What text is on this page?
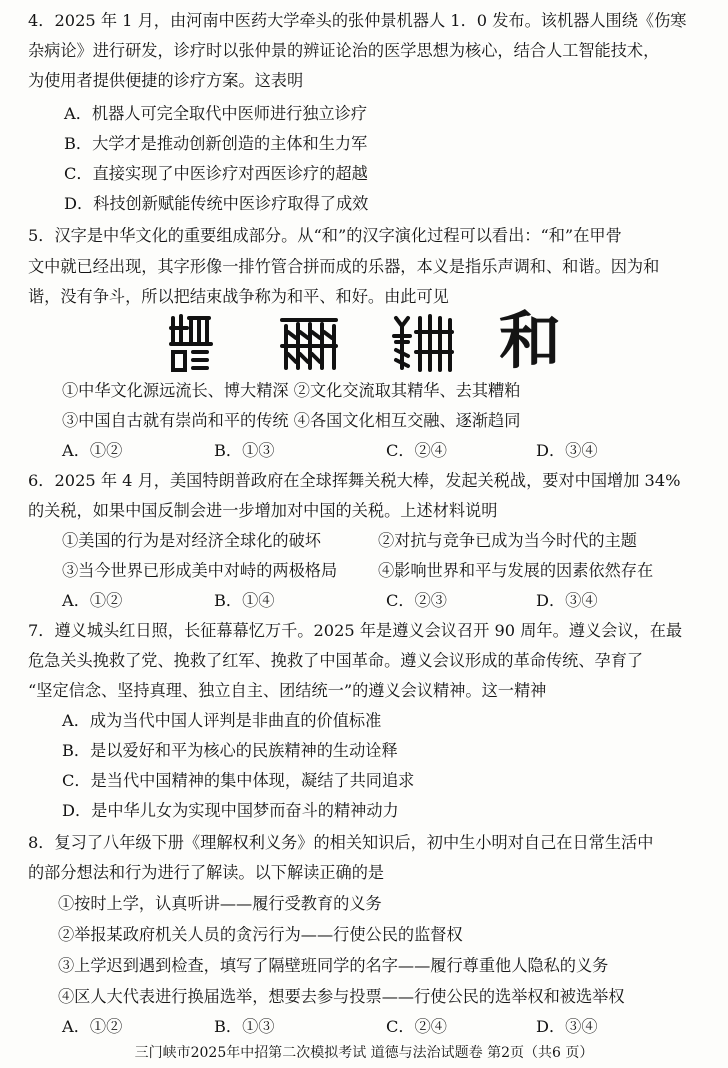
4．2025 年 1 月，由河南中医药大学牵头的张仲景机器人 1．0 发布。该机器人围绕《伤寒
杂病论》进行研发，诊疗时以张仲景的辨证论治的医学思想为核心，结合人工智能技术，
为使用者提供便捷的诊疗方案。这表明
A．机器人可完全取代中医师进行独立诊疗
B．大学才是推动创新创造的主体和生力军
C．直接实现了中医诊疗对西医诊疗的超越
D．科技创新赋能传统中医诊疗取得了成效
5．汉字是中华文化的重要组成部分。从“和”的汉字演化过程可以看出：“和”在甲骨
文中就已经出现，其字形像一排竹管合拼而成的乐器，本义是指乐声调和、和谐。因为和
谐，没有争斗，所以把结束战争称为和平、和好。由此可见
和
①中华文化源远流长、博大精深 ②文化交流取其精华、去其糟粕
③中国自古就有崇尚和平的传统 ④各国文化相互交融、逐渐趋同
A．①②	B．①③	C．②④	D．③④
6．2025 年 4 月，美国特朗普政府在全球挥舞关税大棒，发起关税战，要对中国增加 34%
的关税，如果中国反制会进一步增加对中国的关税。上述材料说明
①美国的行为是对经济全球化的破坏	②对抗与竞争已成为当今时代的主题
③当今世界已形成美中对峙的两极格局	④影响世界和平与发展的因素依然存在
A．①②	B．①④	C．②③	D．③④
7．遵义城头红日照，长征幕幕忆万千。2025 年是遵义会议召开 90 周年。遵义会议，在最
危急关头挽救了党、挽救了红军、挽救了中国革命。遵义会议形成的革命传统、孕育了
“坚定信念、坚持真理、独立自主、团结统一”的遵义会议精神。这一精神
A．成为当代中国人评判是非曲直的价值标准
B．是以爱好和平为核心的民族精神的生动诠释
C．是当代中国精神的集中体现，凝结了共同追求
D．是中华儿女为实现中国梦而奋斗的精神动力
8．复习了八年级下册《理解权利义务》的相关知识后，初中生小明对自己在日常生活中
的部分想法和行为进行了解读。以下解读正确的是
①按时上学，认真听讲——履行受教育的义务
②举报某政府机关人员的贪污行为——行使公民的监督权
③上学迟到遇到检查，填写了隔壁班同学的名字——履行尊重他人隐私的义务
④区人大代表进行换届选举，想要去参与投票——行使公民的选举权和被选举权
A．①②	B．①③	C．②④	D．③④
三门峡市2025年中招第二次模拟考试 道德与法治试题卷 第2页（共6 页）
